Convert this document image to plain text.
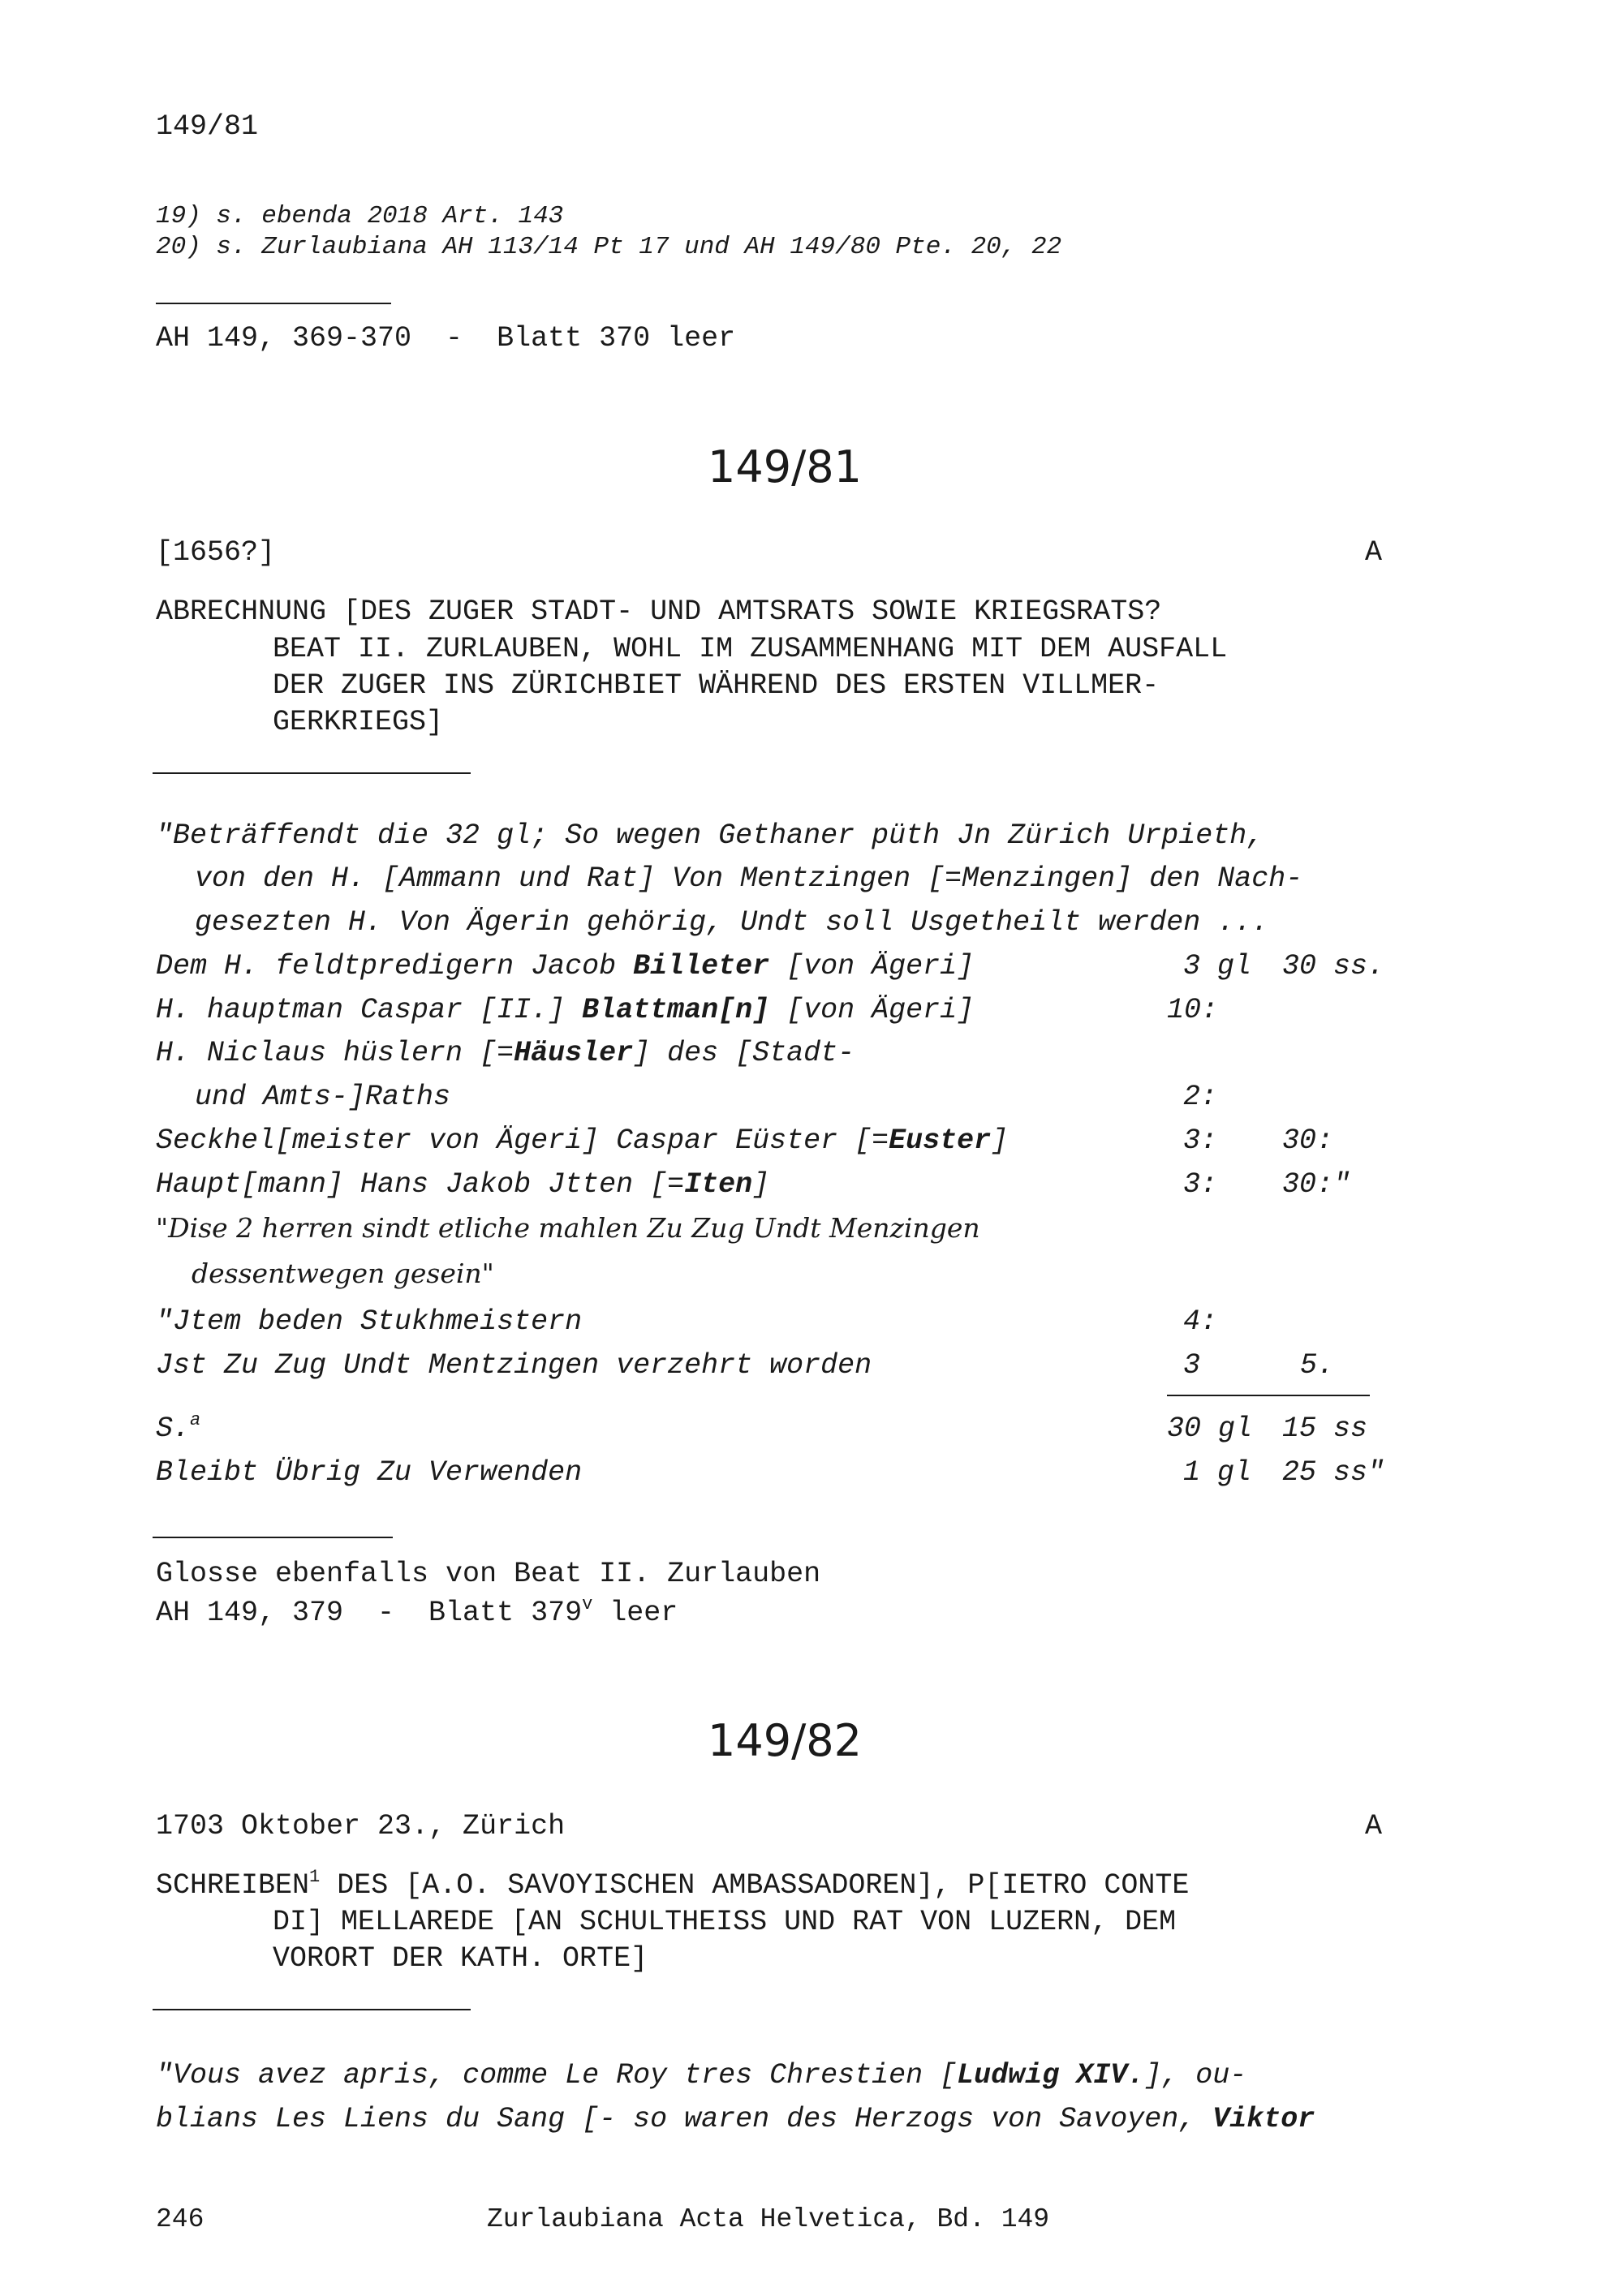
149/81
19) s. ebenda 2018 Art. 143
20) s. Zurlaubiana AH 113/14 Pt 17 und AH 149/80 Pte. 20, 22
AH 149, 369-370  -  Blatt 370 leer
149/81
[1656?]	A
ABRECHNUNG [DES ZUGER STADT- UND AMTSRATS SOWIE KRIEGSRATS?
BEAT II. ZURLAUBEN, WOHL IM ZUSAMMENHANG MIT DEM AUSFALL
DER ZUGER INS ZÜRICHBIET WÄHREND DES ERSTEN VILLMER-
GERKRIEGS]
"Beträffendt die 32 gl; So wegen Gethaner püth Jn Zürich Urpieth,
von den H. [Ammann und Rat] Von Mentzingen [=Menzingen] den Nach-
gesezten H. Von Ägerin gehörig, Undt soll Usgetheilt werden ...
Dem H. feldtpredigern Jacob Billeter [von Ägeri]	3 gl 30 ss.
H. hauptman Caspar [II.] Blattman[n] [von Ägeri]	10:
H. Niclaus hüslern [=Häusler] des [Stadt-
und Amts-]Raths	2:
Seckhel[meister von Ägeri] Caspar Eüster [=Euster]	3: 30:
Haupt[mann] Hans Jakob Jtten [=Iten]	3: 30:"
"Dise 2 herren sindt etliche mahlen Zu Zug Undt Menzingen
dessentwegen gesein"
"Jtem beden Stukhmeistern	4:
Jst Zu Zug Undt Mentzingen verzehrt worden	3	5.
S.$^a$	30 gl 15 ss
Bleibt Übrig Zu Verwenden	1 gl 25 ss"
Glosse ebenfalls von Beat II. Zurlauben
AH 149, 379  -  Blatt 379$^v$ leer
149/82
1703 Oktober 23., Zürich	A
SCHREIBEN$^1$ DES [A.O. SAVOYISCHEN AMBASSADOREN], P[IETRO CONTE
DI] MELLAREDE [AN SCHULTHEISS UND RAT VON LUZERN, DEM
VORORT DER KATH. ORTE]
"Vous avez apris, comme Le Roy tres Chrestien [Ludwig XIV.], ou-
blians Les Liens du Sang [- so waren des Herzogs von Savoyen, Viktor
246	Zurlaubiana Acta Helvetica, Bd. 149
